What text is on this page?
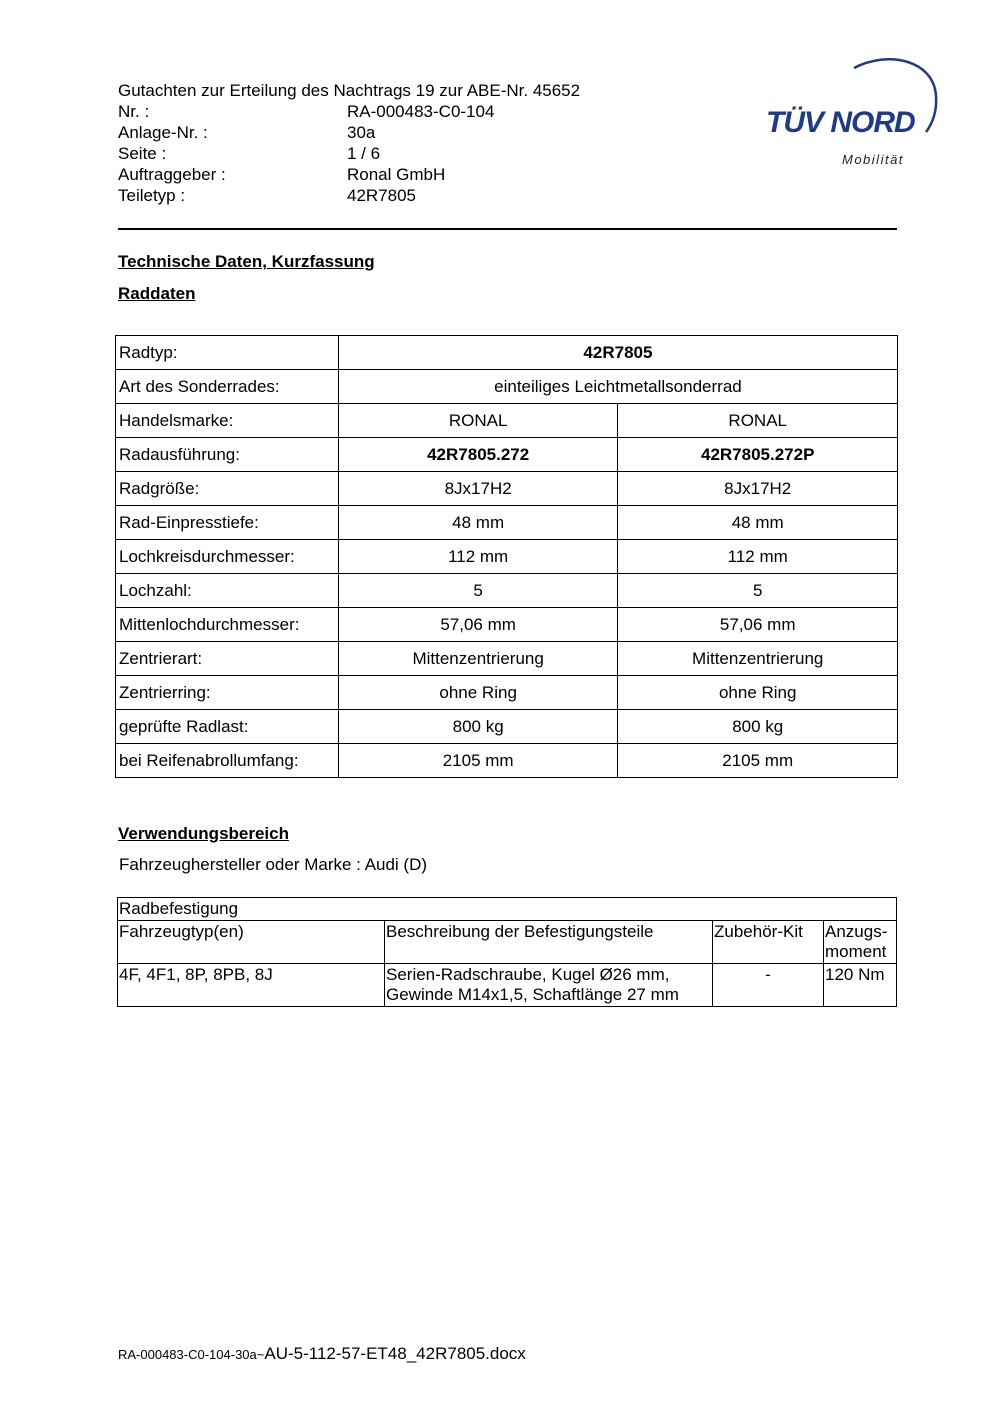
Gutachten zur Erteilung des Nachtrags 19 zur ABE-Nr. 45652
Nr. :	RA-000483-C0-104
Anlage-Nr. :	30a
Seite :	1 / 6
Auftraggeber :	Ronal GmbH
Teiletyp :	42R7805
TÜV NORD
Mobilität
Technische Daten, Kurzfassung
Raddaten
Radtyp:	42R7805	
Art des Sonderrades:	einteiliges Leichtmetallsonderrad	
Handelsmarke:	RONAL	RONAL
Radausführung:	42R7805.272	42R7805.272P
Radgröße:	8Jx17H2	8Jx17H2
Rad-Einpresstiefe:	48 mm	48 mm
Lochkreisdurchmesser:	112 mm	112 mm
Lochzahl:	5	5
Mittenlochdurchmesser:	57,06 mm	57,06 mm
Zentrierart:	Mittenzentrierung	Mittenzentrierung
Zentrierring:	ohne Ring	ohne Ring
geprüfte Radlast:	800 kg	800 kg
bei Reifenabrollumfang:	2105 mm	2105 mm
Verwendungsbereich
Fahrzeughersteller oder Marke : Audi (D)
Radbefestigung			
Fahrzeugtyp(en)	Beschreibung der Befestigungsteile	Zubehör-Kit	Anzugs-
moment

4F, 4F1, 8P, 8PB, 8J	Serien-Radschraube, Kugel Ø26 mm,
Gewinde M14x1,5, Schaftlänge 27 mm	-	120 Nm
RA-000483-C0-104-30a~AU-5-112-57-ET48_42R7805.docx
